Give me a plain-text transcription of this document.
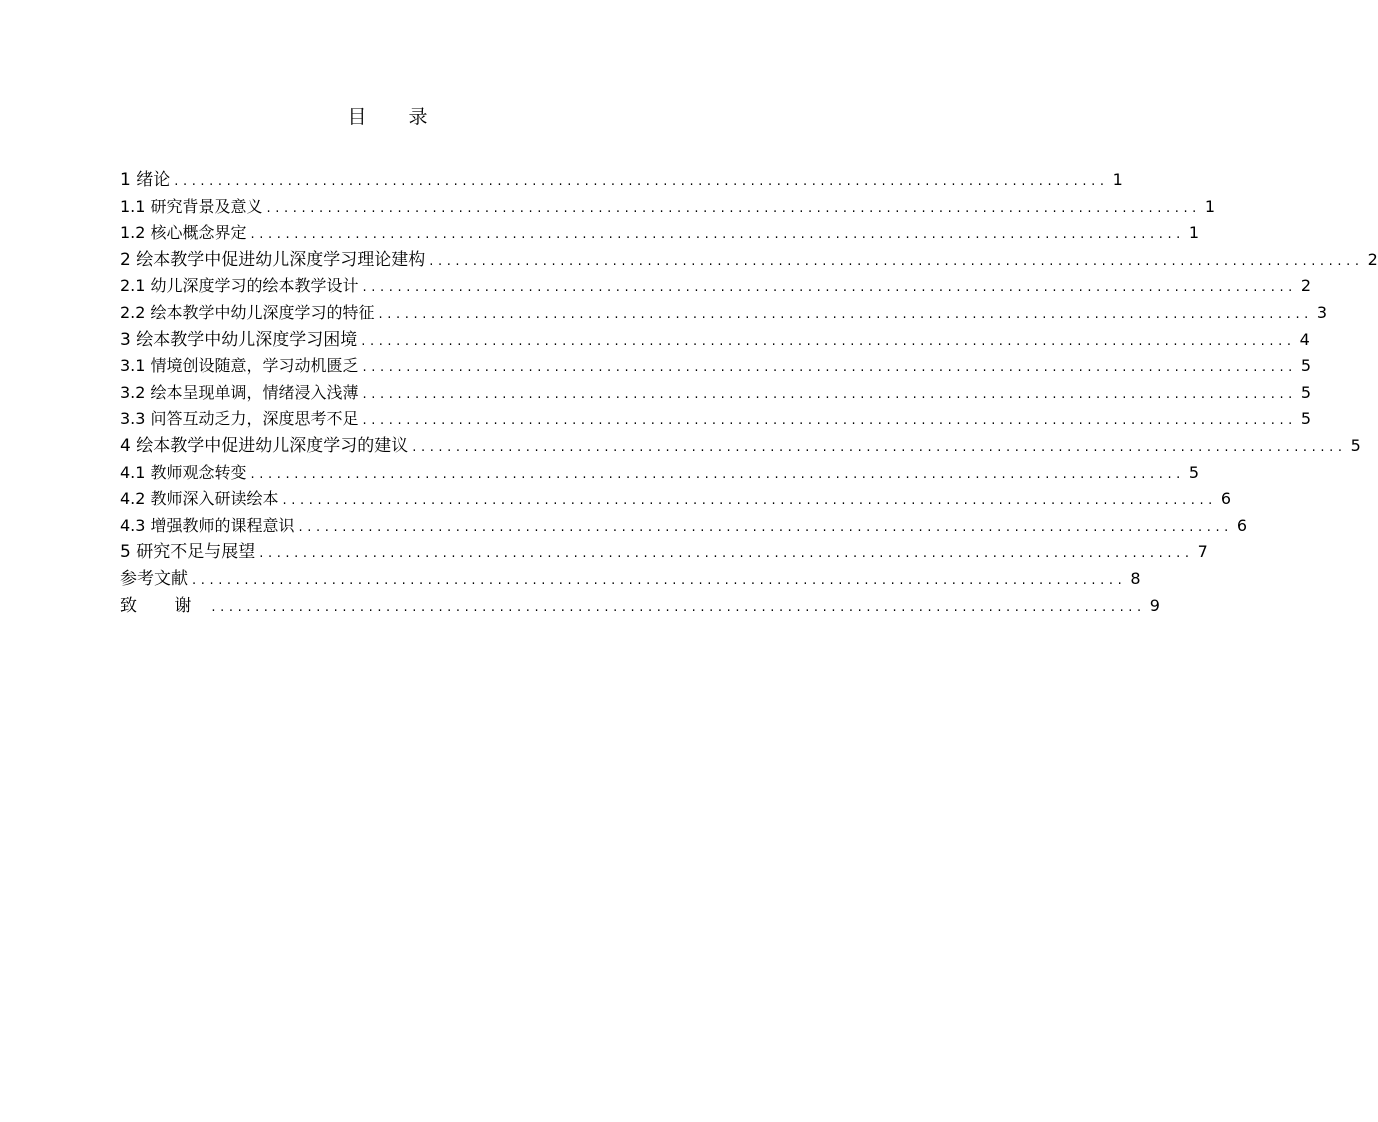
目 录
1 绪论 ........................................................................................................... 1
1.1 研究背景及意义 ........................................................................................................... 1
1.2 核心概念界定 ........................................................................................................... 1
2 绘本教学中促进幼儿深度学习理论建构 ........................................................................................................... 2
2.1 幼儿深度学习的绘本教学设计 ........................................................................................................... 2
2.2 绘本教学中幼儿深度学习的特征 ........................................................................................................... 3
3 绘本教学中幼儿深度学习困境 ........................................................................................................... 4
3.1 情境创设随意，学习动机匮乏 ........................................................................................................... 5
3.2 绘本呈现单调，情绪浸入浅薄 ........................................................................................................... 5
3.3 问答互动乏力，深度思考不足 ........................................................................................................... 5
4 绘本教学中促进幼儿深度学习的建议 ........................................................................................................... 5
4.1 教师观念转变 ........................................................................................................... 5
4.2 教师深入研读绘本 ........................................................................................................... 6
4.3 增强教师的课程意识 ........................................................................................................... 6
5 研究不足与展望 ........................................................................................................... 7
参考文献 ........................................................................................................... 8
致 谢 ........................................................................................................... 9
